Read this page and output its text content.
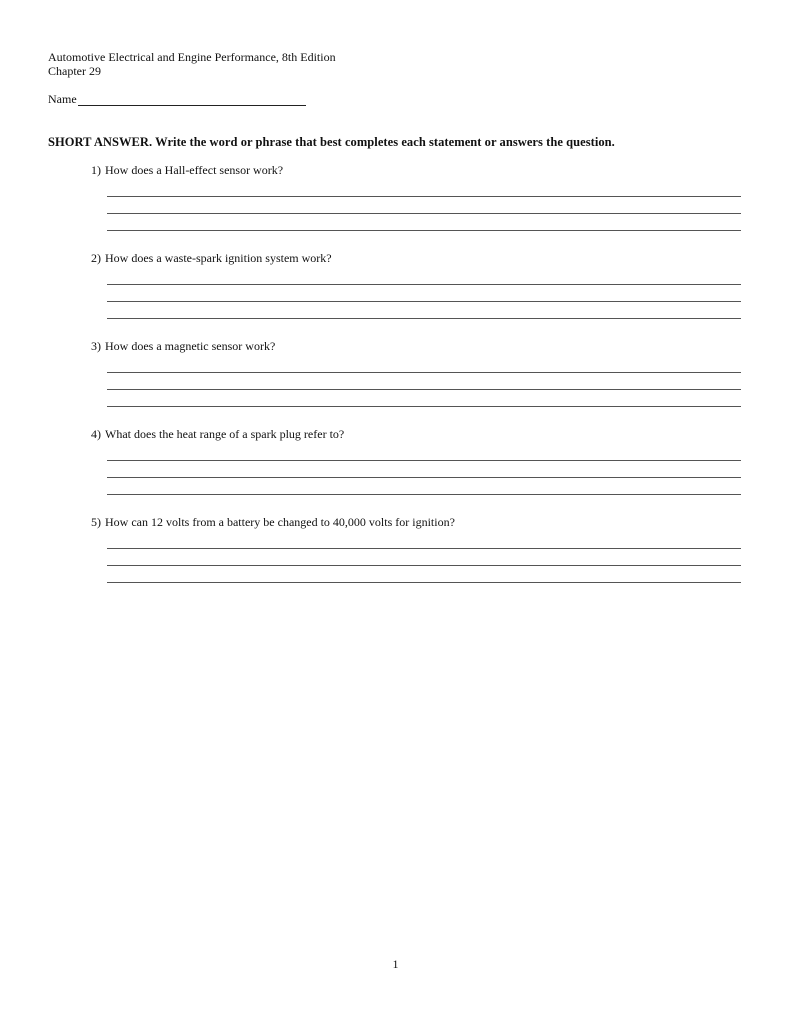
Automotive Electrical and Engine Performance, 8th Edition
Chapter 29
Name
SHORT ANSWER. Write the word or phrase that best completes each statement or answers the question.
1) How does a Hall-effect sensor work?
2) How does a waste-spark ignition system work?
3) How does a magnetic sensor work?
4) What does the heat range of a spark plug refer to?
5) How can 12 volts from a battery be changed to 40,000 volts for ignition?
1
